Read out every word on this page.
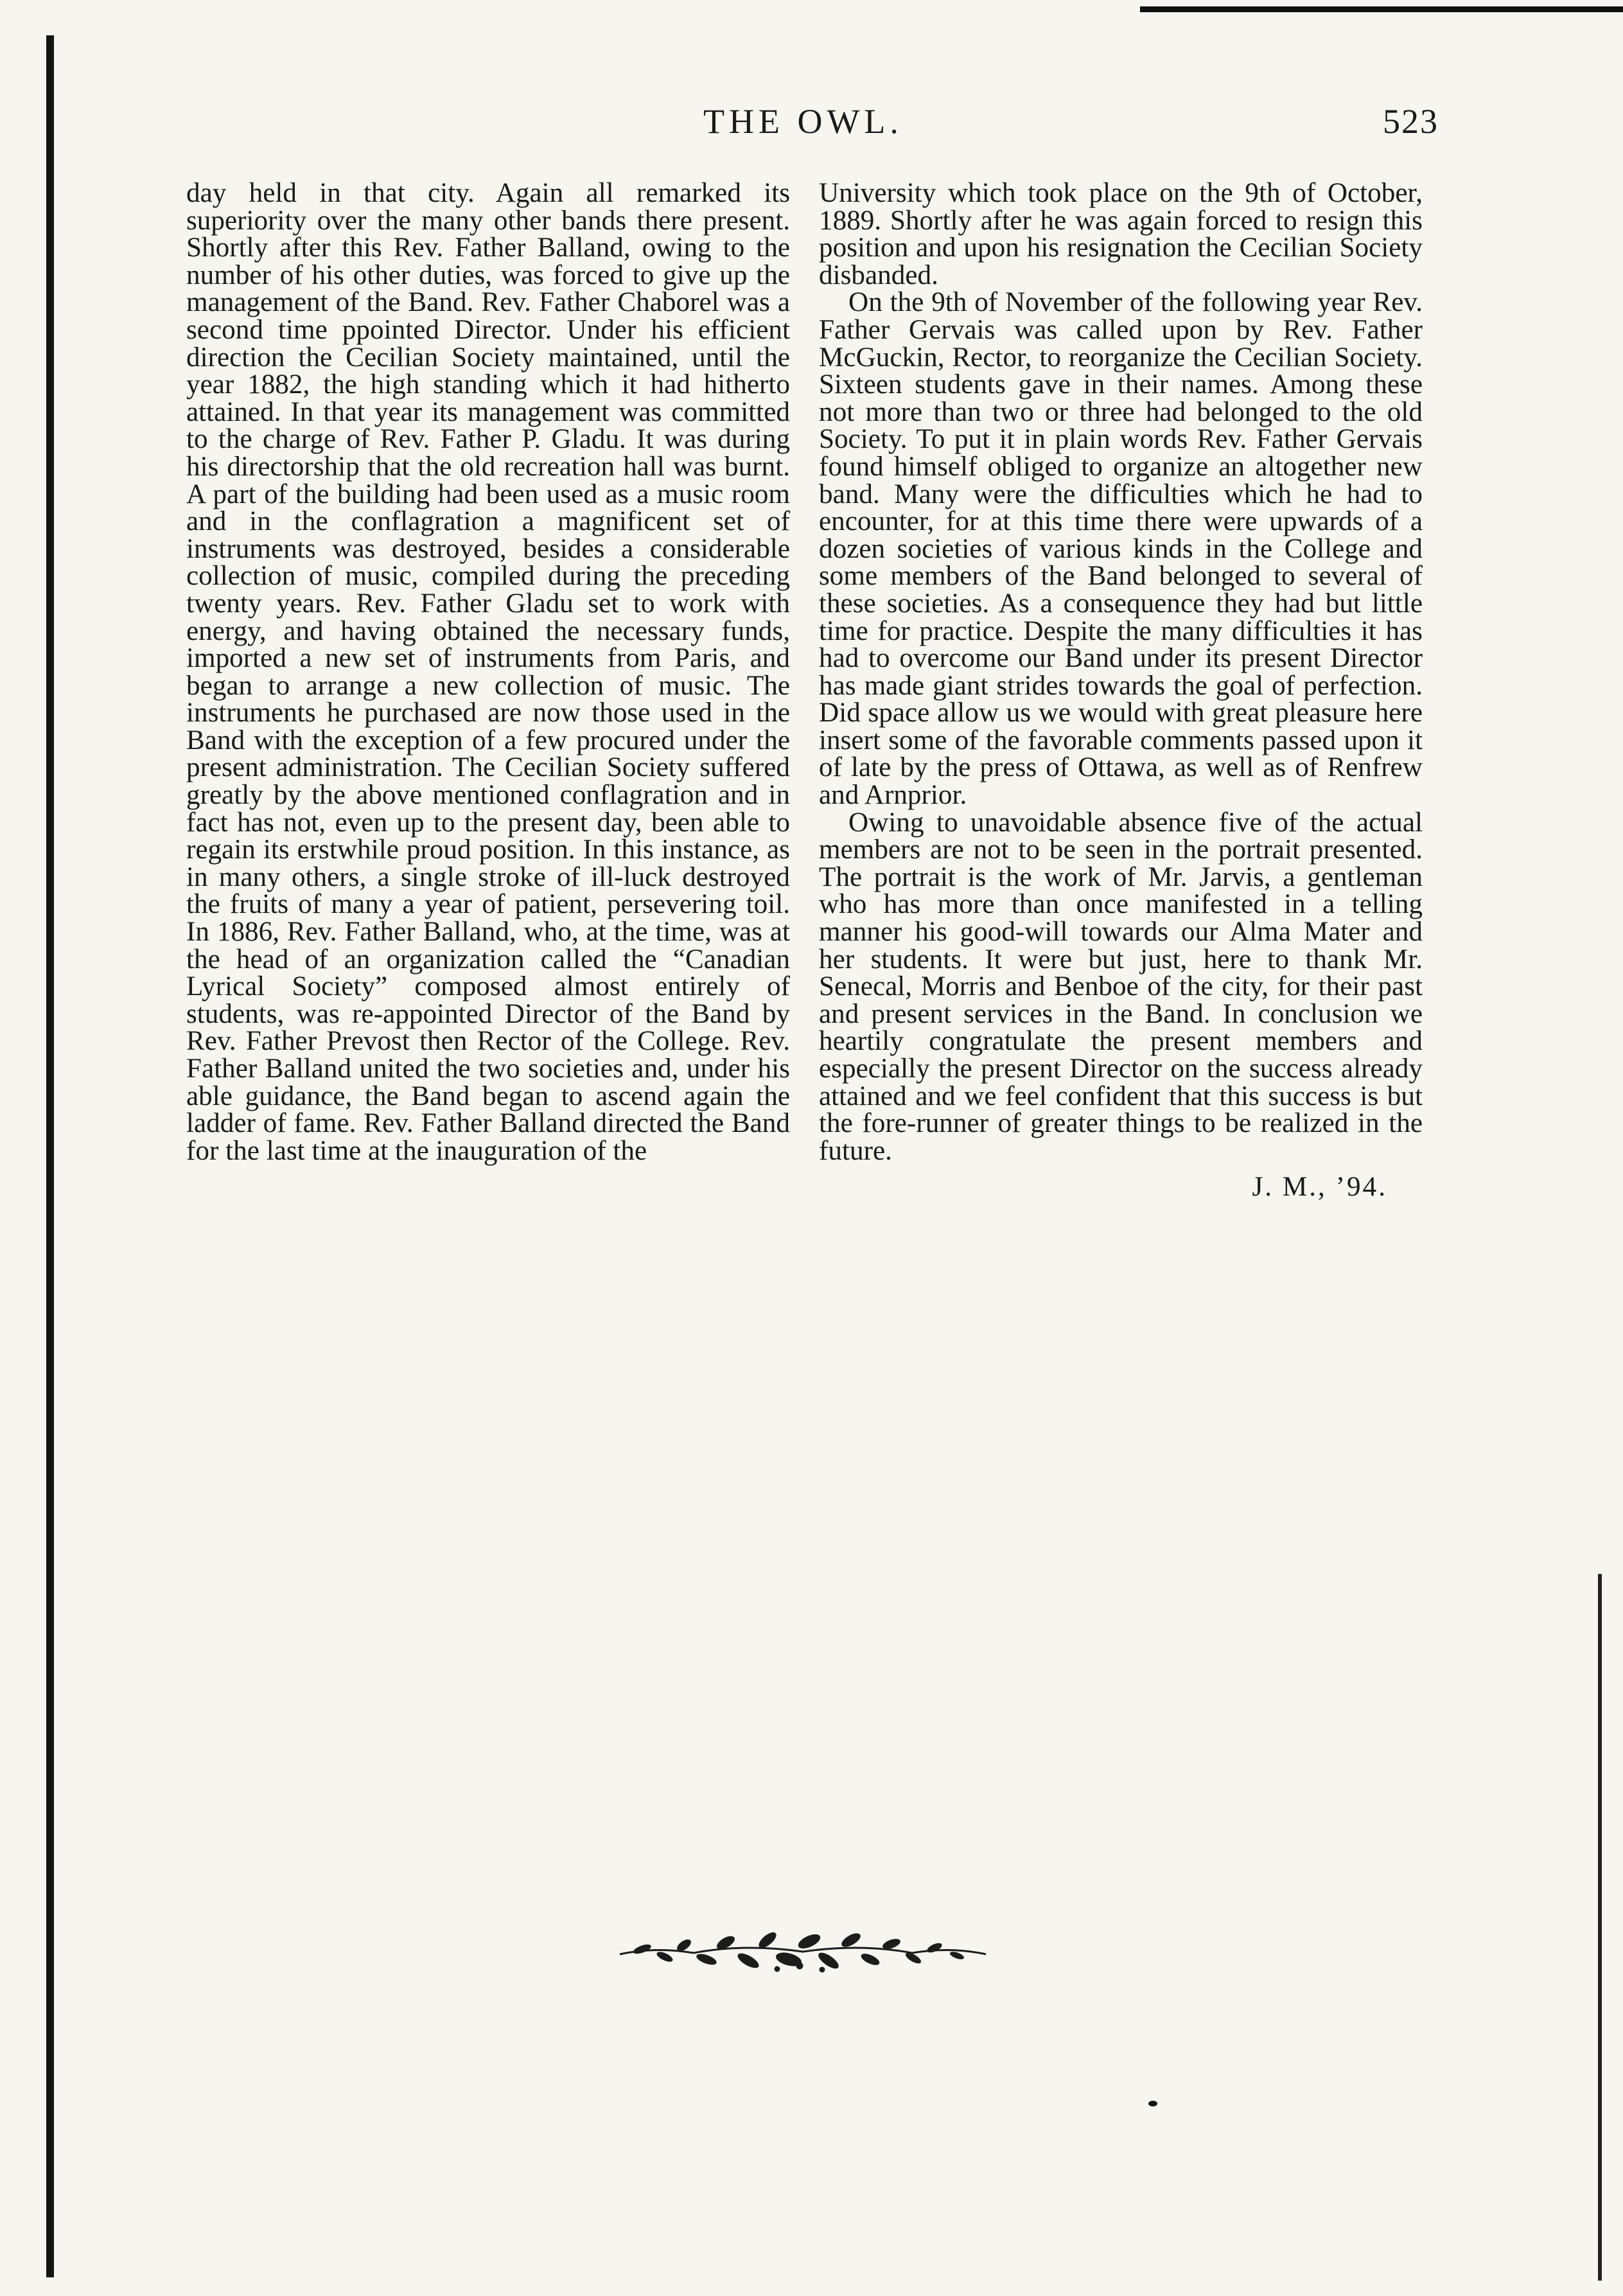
THE OWL.	523

day held in that city. Again all remarked its superiority over the many other bands there present. Shortly after this Rev. Father Balland, owing to the number of his other duties, was forced to give up the management of the Band. Rev. Father Chaborel was a second time ppointed Director. Under his efficient direction the Cecilian Society maintained, until the year 1882, the high standing which it had hitherto attained. In that year its management was committed to the charge of Rev. Father P. Gladu. It was during his directorship that the old recreation hall was burnt. A part of the building had been used as a music room and in the conflagration a magnificent set of instruments was destroyed, besides a considerable collection of music, compiled during the preceding twenty years. Rev. Father Gladu set to work with energy, and having obtained the necessary funds, imported a new set of instruments from Paris, and began to arrange a new collection of music. The instruments he purchased are now those used in the Band with the exception of a few procured under the present administration. The Cecilian Society suffered greatly by the above mentioned conflagration and in fact has not, even up to the present day, been able to regain its erstwhile proud position. In this instance, as in many others, a single stroke of ill-luck destroyed the fruits of many a year of patient, persevering toil. In 1886, Rev. Father Balland, who, at the time, was at the head of an organization called the “Canadian Lyrical Society” composed almost entirely of students, was re-appointed Director of the Band by Rev. Father Prevost then Rector of the College. Rev. Father Balland united the two societies and, under his able guidance, the Band began to ascend again the ladder of fame. Rev. Father Balland directed the Band for the last time at the inauguration of the

University which took place on the 9th of October, 1889. Shortly after he was again forced to resign this position and upon his resignation the Cecilian Society disbanded.

On the 9th of November of the following year Rev. Father Gervais was called upon by Rev. Father McGuckin, Rector, to reorganize the Cecilian Society. Sixteen students gave in their names. Among these not more than two or three had belonged to the old Society. To put it in plain words Rev. Father Gervais found himself obliged to organize an altogether new band. Many were the difficulties which he had to encounter, for at this time there were upwards of a dozen societies of various kinds in the College and some members of the Band belonged to several of these societies. As a consequence they had but little time for practice. Despite the many difficulties it has had to overcome our Band under its present Director has made giant strides towards the goal of perfection. Did space allow us we would with great pleasure here insert some of the favorable comments passed upon it of late by the press of Ottawa, as well as of Renfrew and Arnprior.

Owing to unavoidable absence five of the actual members are not to be seen in the portrait presented. The portrait is the work of Mr. Jarvis, a gentleman who has more than once manifested in a telling manner his good-will towards our Alma Mater and her students. It were but just, here to thank Mr. Senecal, Morris and Benboe of the city, for their past and present services in the Band. In conclusion we heartily congratulate the present members and especially the present Director on the success already attained and we feel confident that this success is but the fore-runner of greater things to be realized in the future.

J. M., ’94.
